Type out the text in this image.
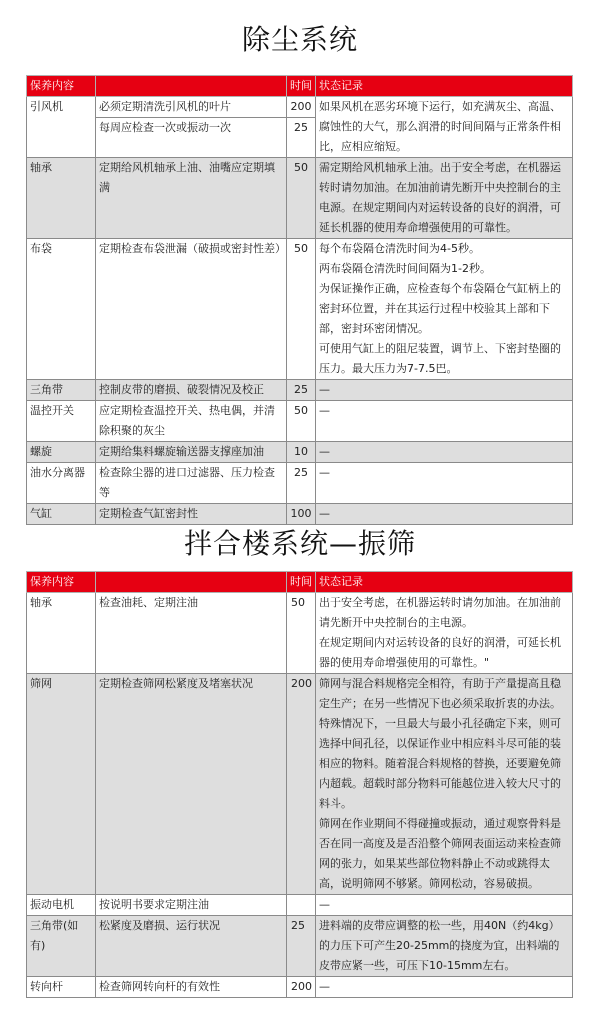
除尘系统
保养内容		时间	状态记录
引风机	必须定期清洗引风机的叶片	200	如果风机在恶劣环境下运行，如充满灰尘、高温、腐蚀性的大气，那么润滑的时间间隔与正常条件相比，应相应缩短。
	每周应检查一次或振动一次	25	
轴承	定期给风机轴承上油、油嘴应定期填满	50	需定期给风机轴承上油。出于安全考虑，在机器运转时请勿加油。在加油前请先断开中央控制台的主电源。在规定期间内对运转设备的良好的润滑，可延长机器的使用寿命增强使用的可靠性。
布袋	定期检查布袋泄漏（破损或密封性差）	50	每个布袋隔仓清洗时间为4-5秒。
两布袋隔仓清洗时间间隔为1-2秒。
为保证操作正确，应检查每个布袋隔仓气缸柄上的密封环位置，并在其运行过程中校验其上部和下部，密封环密闭情况。
可使用气缸上的阻尼装置，调节上、下密封垫圈的压力。最大压力为7-7.5巴。

三角带	控制皮带的磨损、破裂情况及校正	25	—
温控开关	应定期检查温控开关、热电偶，并清除积聚的灰尘	50	—
螺旋	定期给集料螺旋输送器支撑座加油	10	—
油水分离器	检查除尘器的进口过滤器、压力检查等	25	—
气缸	定期检查气缸密封性	100	—
拌合楼系统—振筛
保养内容		时间	状态记录
轴承	检查油耗、定期注油	50	出于安全考虑，在机器运转时请勿加油。在加油前请先断开中央控制台的主电源。
在规定期间内对运转设备的良好的润滑，可延长机器的使用寿命增强使用的可靠性。"

筛网	定期检查筛网松紧度及堵塞状况	200	筛网与混合料规格完全相符，有助于产量提高且稳定生产；在另一些情况下也必须采取折衷的办法。特殊情况下，一旦最大与最小孔径确定下来，则可选择中间孔径，以保证作业中相应料斗尽可能的装相应的物料。随着混合料规格的替换，还要避免筛内超载。超载时部分物料可能越位进入较大尺寸的料斗。
筛网在作业期间不得碰撞或振动，通过观察骨料是否在同一高度及是否沿整个筛网表面运动来检查筛网的张力，如果某些部位物料静止不动或跳得太高，说明筛网不够紧。筛网松动，容易破损。

振动电机	按说明书要求定期注油		—
三角带(如有)	松紧度及磨损、运行状况	25	进料端的皮带应调整的松一些，用40N（约4kg）的力压下可产生20-25mm的挠度为宜，出料端的皮带应紧一些，可压下10-15mm左右。
转向杆	检查筛网转向杆的有效性	200	—
